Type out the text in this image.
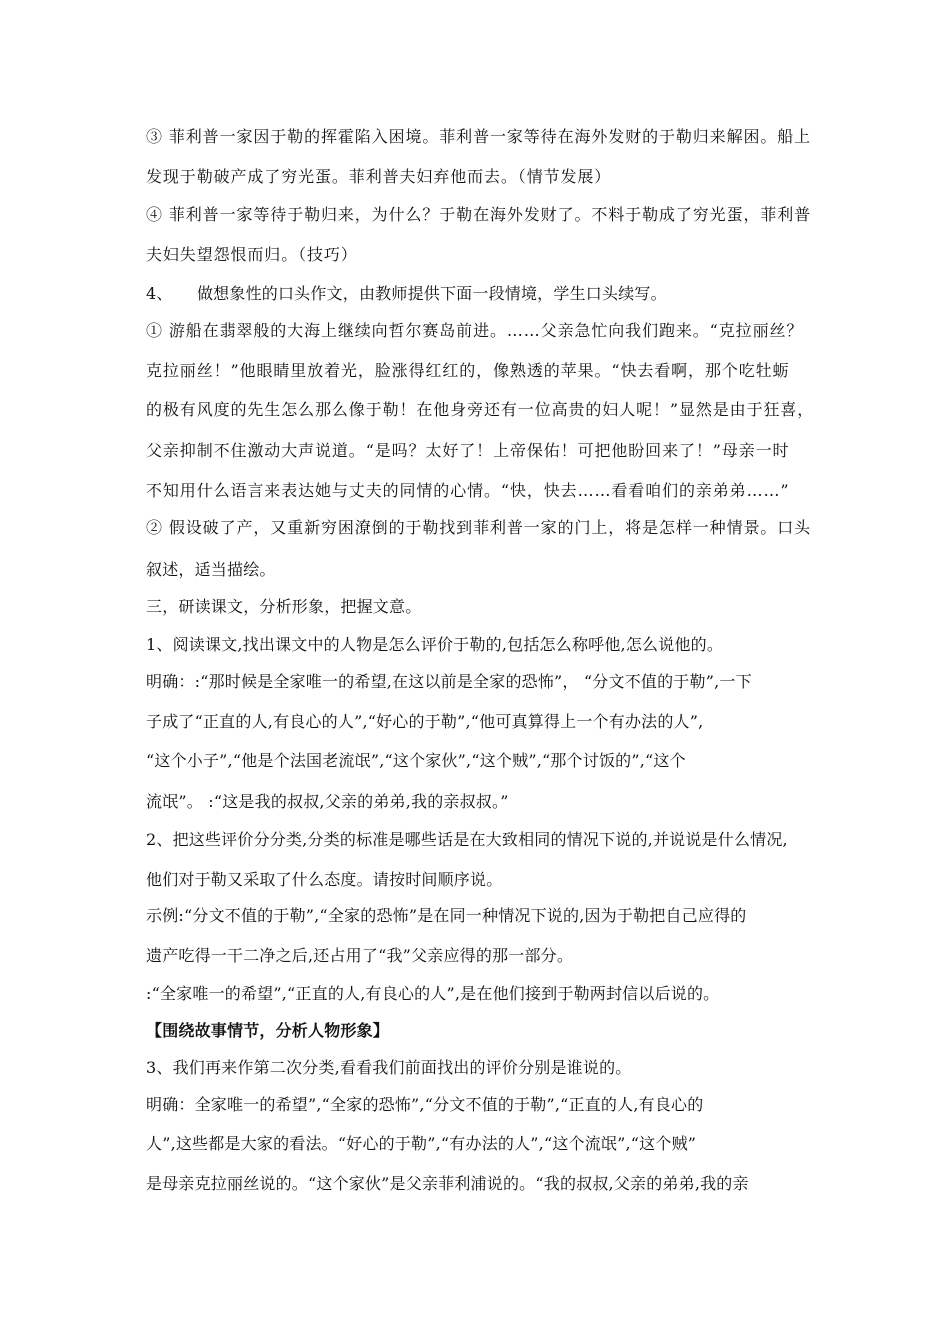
③ 菲利普一家因于勒的挥霍陷入困境。菲利普一家等待在海外发财的于勒归来解困。船上
发现于勒破产成了穷光蛋。菲利普夫妇弃他而去。（情节发展）
④ 菲利普一家等待于勒归来，为什么？于勒在海外发财了。不料于勒成了穷光蛋，菲利普
夫妇失望怨恨而归。（技巧）
4、　　做想象性的口头作文，由教师提供下面一段情境，学生口头续写。
① 游船在翡翠般的大海上继续向哲尔赛岛前进。……父亲急忙向我们跑来。“克拉丽丝？
克拉丽丝！”他眼睛里放着光，脸涨得红红的，像熟透的苹果。“快去看啊，那个吃牡蛎
的极有风度的先生怎么那么像于勒！在他身旁还有一位高贵的妇人呢！”显然是由于狂喜，
父亲抑制不住激动大声说道。“是吗？太好了！上帝保佑！可把他盼回来了！”母亲一时
不知用什么语言来表达她与丈夫的同情的心情。“快，快去……看看咱们的亲弟弟……”
② 假设破了产，又重新穷困潦倒的于勒找到菲利普一家的门上，将是怎样一种情景。口头
叙述，适当描绘。
三，研读课文，分析形象，把握文意。
1、阅读课文,找出课文中的人物是怎么评价于勒的,包括怎么称呼他,怎么说他的。
明确：:“那时候是全家唯一的希望,在这以前是全家的恐怖”， “分文不值的于勒”,一下
子成了“正直的人,有良心的人”,“好心的于勒”,“他可真算得上一个有办法的人”,
“这个小子”,“他是个法国老流氓”,“这个家伙”,“这个贼”,“那个讨饭的”,“这个
流氓”。 :“这是我的叔叔,父亲的弟弟,我的亲叔叔。”
2、把这些评价分分类,分类的标准是哪些话是在大致相同的情况下说的,并说说是什么情况,
他们对于勒又采取了什么态度。请按时间顺序说。
示例:“分文不值的于勒”,“全家的恐怖”是在同一种情况下说的,因为于勒把自己应得的
遗产吃得一干二净之后,还占用了“我”父亲应得的那一部分。
:“全家唯一的希望”,“正直的人,有良心的人”,是在他们接到于勒两封信以后说的。
【围绕故事情节，分析人物形象】
3、我们再来作第二次分类,看看我们前面找出的评价分别是谁说的。
明确：全家唯一的希望”,“全家的恐怖”,“分文不值的于勒”,“正直的人,有良心的
人”,这些都是大家的看法。“好心的于勒”,“有办法的人”,“这个流氓”,“这个贼”
是母亲克拉丽丝说的。“这个家伙”是父亲菲利浦说的。“我的叔叔,父亲的弟弟,我的亲
